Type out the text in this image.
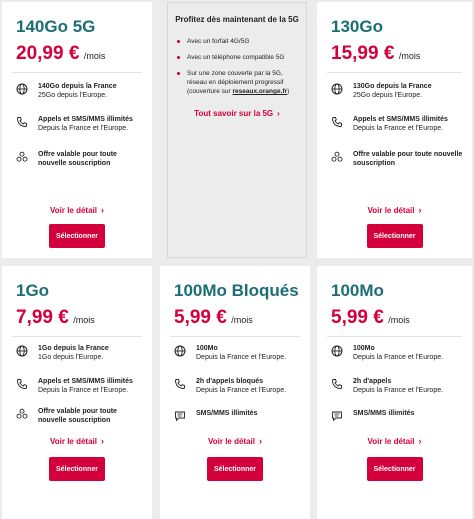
140Go 5G
20,99 € /mois
140Go depuis la France
25Go depuis l'Europe.
Appels et SMS/MMS illimités
Depuis la France et l'Europe.
Offre valable pour toute nouvelle souscription
Voir le détail ›
Sélectionner
Profitez dès maintenant de la 5G
Avec un forfait 4G/5G
Avec un téléphone compatible 5G
Sur une zone couverte par la 5G, réseau en déploiement progressif (couverture sur reseaux.orange.fr)
Tout savoir sur la 5G ›
130Go
15,99 € /mois
130Go depuis la France
25Go depuis l'Europe.
Appels et SMS/MMS illimités
Depuis la France et l'Europe.
Offre valable pour toute nouvelle souscription
Voir le détail ›
Sélectionner
1Go
7,99 € /mois
1Go depuis la France
1Go depuis l'Europe.
Appels et SMS/MMS illimités
Depuis la France et l'Europe.
Offre valable pour toute nouvelle souscription
Voir le détail ›
Sélectionner
100Mo Bloqués
5,99 € /mois
100Mo
Depuis la France et l'Europe.
2h d'appels bloqués
Depuis la France et l'Europe.
SMS/MMS illimités
Voir le détail ›
Sélectionner
100Mo
5,99 € /mois
100Mo
Depuis la France et l'Europe.
2h d'appels
Depuis la France et l'Europe.
SMS/MMS illimités
Voir le détail ›
Sélectionner
